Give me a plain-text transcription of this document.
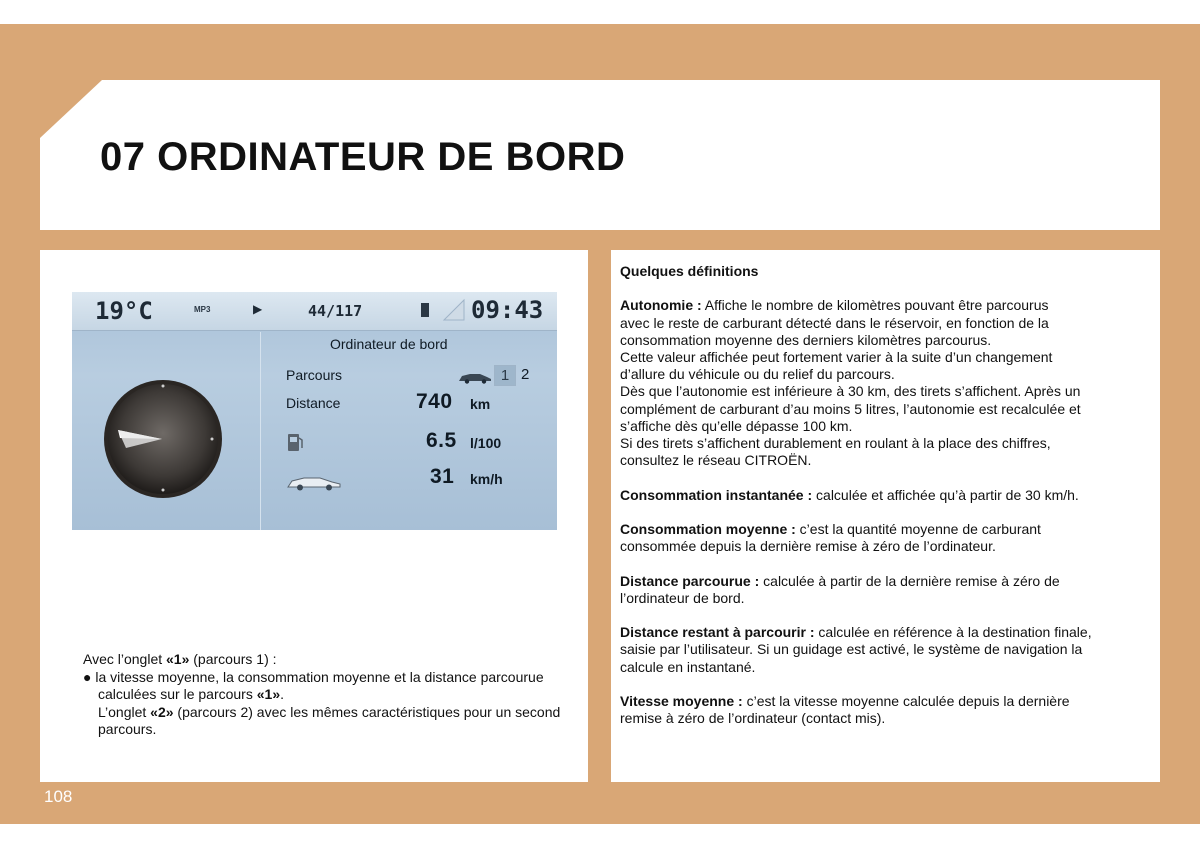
07 ORDINATEUR DE BORD
19°C	MP3	▶	44/117	09:43
Ordinateur de bord
Parcours	1 2
Distance	740 km
6.5 l/100
31 km/h

Avec l’onglet «1» (parcours 1) :

● la vitesse moyenne, la consommation moyenne et la distance parcourue calculées sur le parcours «1».

L’onglet «2» (parcours 2) avec les mêmes caractéristiques pour un second parcours.

Quelques définitions

Autonomie : Affiche le nombre de kilomètres pouvant être parcourus
avec le reste de carburant détecté dans le réservoir, en fonction de la
consommation moyenne des derniers kilomètres parcourus.
Cette valeur affichée peut fortement varier à la suite d’un changement
d’allure du véhicule ou du relief du parcours.
Dès que l’autonomie est inférieure à 30 km, des tirets s’affichent. Après un
complément de carburant d’au moins 5 litres, l’autonomie est recalculée et
s’affiche dès qu’elle dépasse 100 km.
Si des tirets s’affichent durablement en roulant à la place des chiffres,
consultez le réseau CITROËN.

Consommation instantanée : calculée et affichée qu’à partir de 30 km/h.

Consommation moyenne : c’est la quantité moyenne de carburant
consommée depuis la dernière remise à zéro de l’ordinateur.

Distance parcourue : calculée à partir de la dernière remise à zéro de
l’ordinateur de bord.

Distance restant à parcourir : calculée en référence à la destination finale,
saisie par l’utilisateur. Si un guidage est activé, le système de navigation la
calcule en instantané.

Vitesse moyenne : c’est la vitesse moyenne calculée depuis la dernière
remise à zéro de l’ordinateur (contact mis).

108
